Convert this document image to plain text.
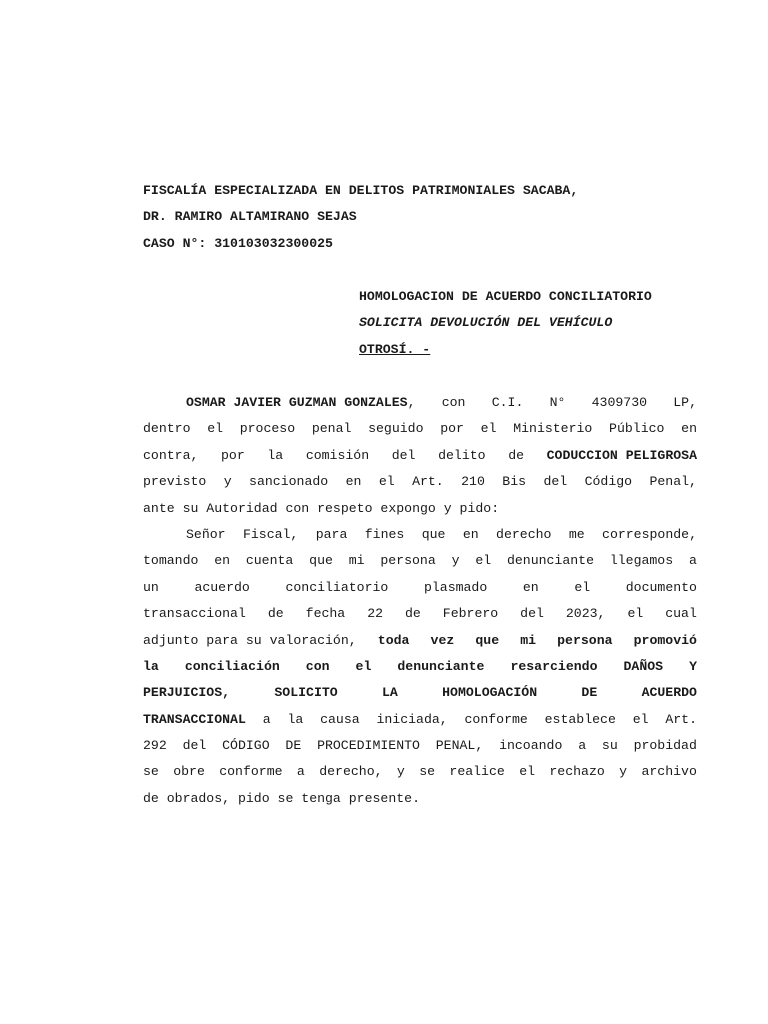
FISCALÍA ESPECIALIZADA EN DELITOS PATRIMONIALES SACABA,
DR. RAMIRO ALTAMIRANO SEJAS
CASO N°: 310103032300025
HOMOLOGACION DE ACUERDO CONCILIATORIO
SOLICITA DEVOLUCIÓN DEL VEHÍCULO
OTROSÍ. -
OSMAR JAVIER GUZMAN GONZALES, con C.I. N° 4309730 LP,
dentro el proceso penal seguido por el Ministerio Público en
contra, por la comisión del delito de CODUCCION PELIGROSA
previsto y sancionado en el Art. 210 Bis del Código Penal,
ante su Autoridad con respeto expongo y pido:
Señor Fiscal, para fines que en derecho me corresponde,
tomando en cuenta que mi persona y el denunciante llegamos a
un	acuerdo	conciliatorio	plasmado	en	el	documento
transaccional de fecha 22 de Febrero del 2023, el cual
adjunto para su valoración, toda vez que mi persona promovió
la conciliación con el denunciante resarciendo DAÑOS Y
PERJUICIOS,	SOLICITO	LA	HOMOLOGACIÓN	DE	ACUERDO
TRANSACCIONAL a la causa iniciada, conforme establece el Art.
292 del CÓDIGO DE PROCEDIMIENTO PENAL, incoando a su probidad
se obre conforme a derecho, y se realice el rechazo y archivo
de obrados, pido se tenga presente.
